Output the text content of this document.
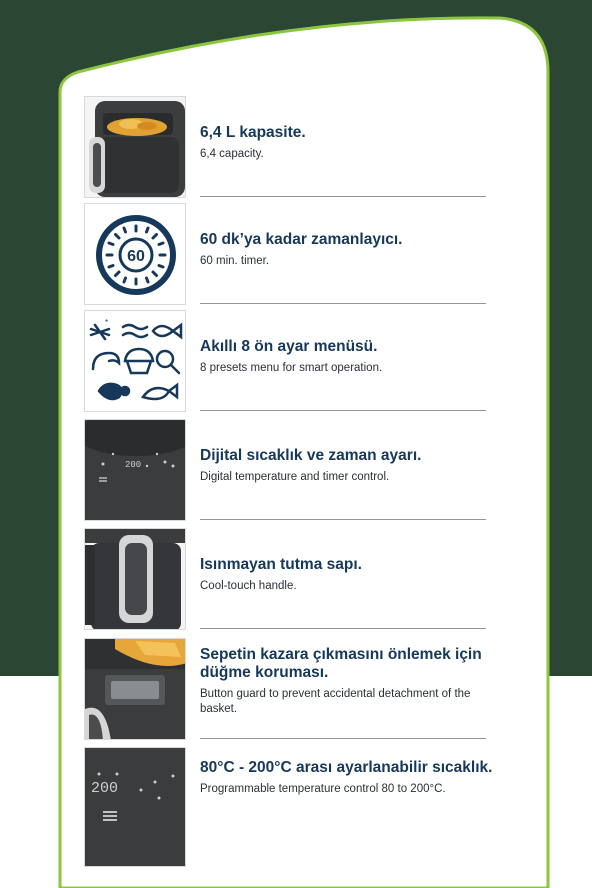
6,4 L kapasite.
6,4 capacity.
60
60 dk’ya kadar zamanlayıcı.
60 min. timer.
*
Akıllı 8 ön ayar menüsü.
8 presets menu for smart operation.
200
Dijital sıcaklık ve zaman ayarı.
Digital temperature and timer control.
Isınmayan tutma sapı.
Cool-touch handle.
Sepetin kazara çıkmasını önlemek için düğme koruması.
Button guard to prevent accidental detachment of the basket.
200
80°C - 200°C arası ayarlanabilir sıcaklık.
Programmable temperature control 80 to 200°C.
